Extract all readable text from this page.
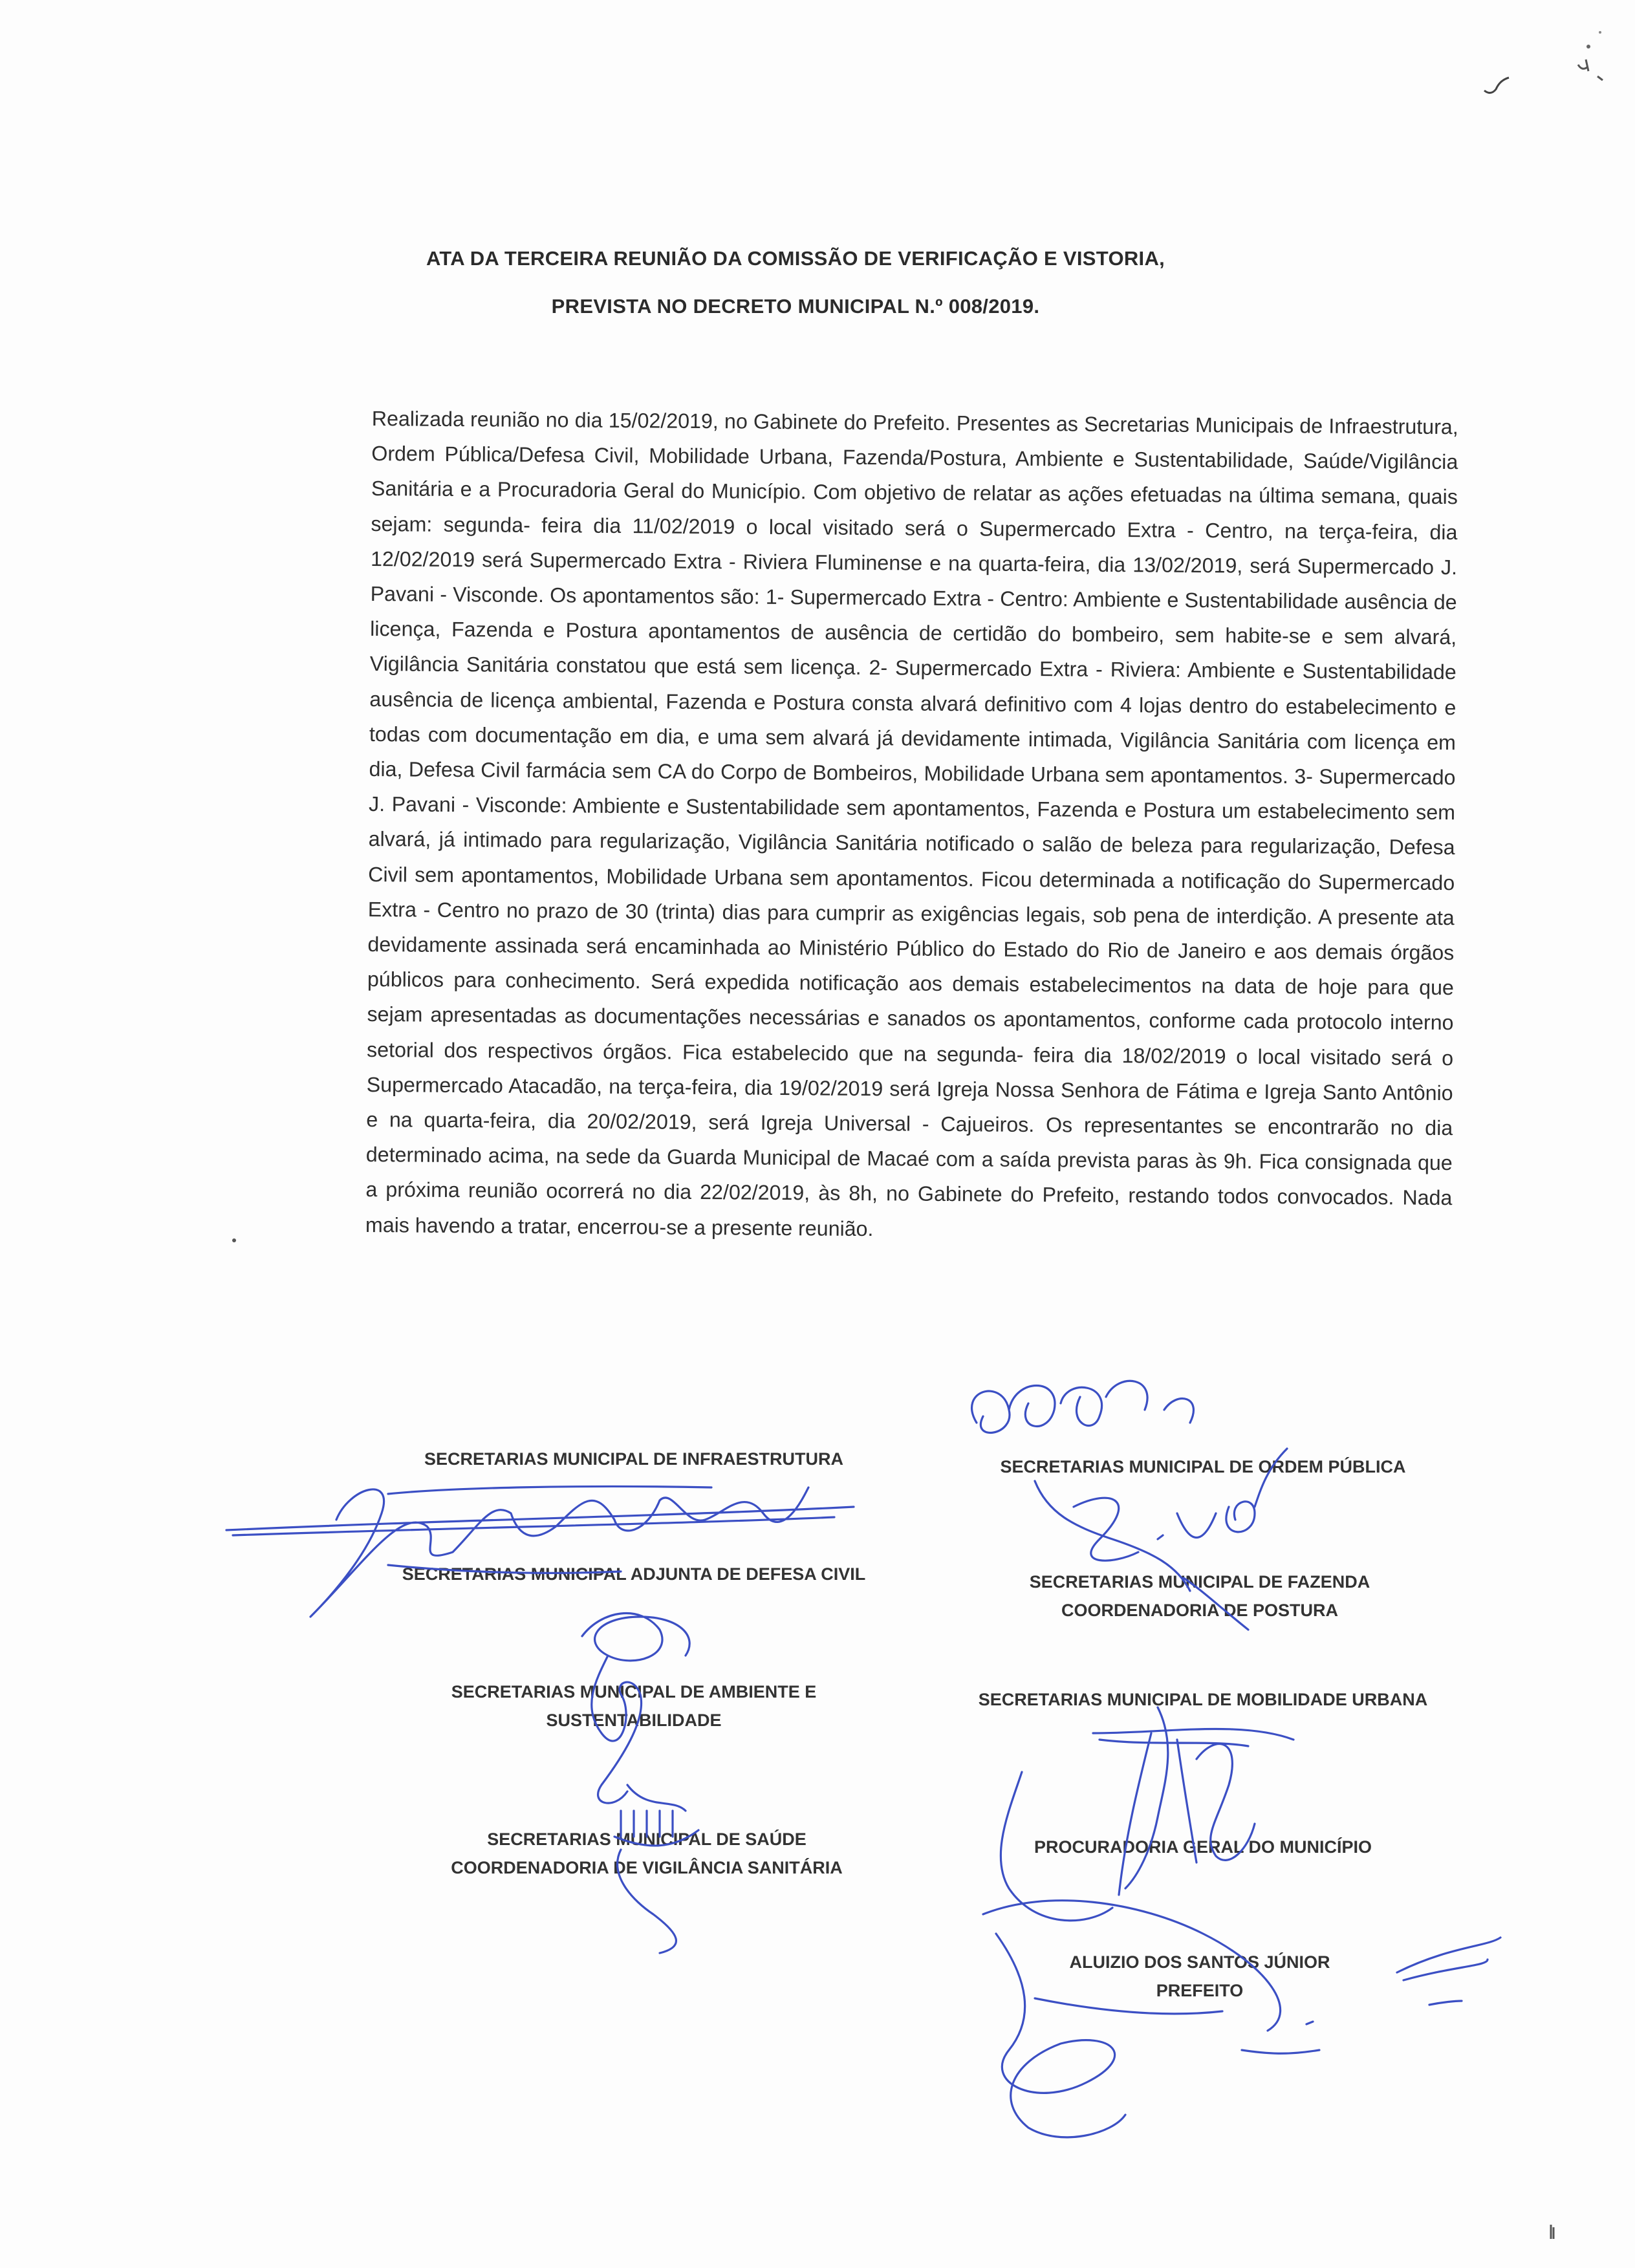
ATA DA TERCEIRA REUNIÃO DA COMISSÃO DE VERIFICAÇÃO E VISTORIA,
PREVISTA NO DECRETO MUNICIPAL N.º 008/2019.
Realizada reunião no dia 15/02/2019, no Gabinete do Prefeito. Presentes as Secretarias Municipais de Infraestrutura, Ordem Pública/Defesa Civil, Mobilidade Urbana, Fazenda/Postura, Ambiente e Sustentabilidade, Saúde/Vigilância Sanitária e a Procuradoria Geral do Município. Com objetivo de relatar as ações efetuadas na última semana, quais sejam: segunda- feira dia 11/02/2019 o local visitado será o Supermercado Extra - Centro, na terça-feira, dia 12/02/2019 será Supermercado Extra - Riviera Fluminense e na quarta-feira, dia 13/02/2019, será Supermercado J. Pavani - Visconde. Os apontamentos são: 1- Supermercado Extra - Centro: Ambiente e Sustentabilidade ausência de licença, Fazenda e Postura apontamentos de ausência de certidão do bombeiro, sem habite-se e sem alvará, Vigilância Sanitária constatou que está sem licença. 2- Supermercado Extra - Riviera: Ambiente e Sustentabilidade ausência de licença ambiental, Fazenda e Postura consta alvará definitivo com 4 lojas dentro do estabelecimento e todas com documentação em dia, e uma sem alvará já devidamente intimada, Vigilância Sanitária com licença em dia, Defesa Civil farmácia sem CA do Corpo de Bombeiros, Mobilidade Urbana sem apontamentos. 3- Supermercado J. Pavani - Visconde: Ambiente e Sustentabilidade sem apontamentos, Fazenda e Postura um estabelecimento sem alvará, já intimado para regularização, Vigilância Sanitária notificado o salão de beleza para regularização, Defesa Civil sem apontamentos, Mobilidade Urbana sem apontamentos. Ficou determinada a notificação do Supermercado Extra - Centro no prazo de 30 (trinta) dias para cumprir as exigências legais, sob pena de interdição. A presente ata devidamente assinada será encaminhada ao Ministério Público do Estado do Rio de Janeiro e aos demais órgãos públicos para conhecimento. Será expedida notificação aos demais estabelecimentos na data de hoje para que sejam apresentadas as documentações necessárias e sanados os apontamentos, conforme cada protocolo interno setorial dos respectivos órgãos. Fica estabelecido que na segunda- feira dia 18/02/2019 o local visitado será o Supermercado Atacadão, na terça-feira, dia 19/02/2019 será Igreja Nossa Senhora de Fátima e Igreja Santo Antônio e na quarta-feira, dia 20/02/2019, será Igreja Universal - Cajueiros. Os representantes se encontrarão no dia determinado acima, na sede da Guarda Municipal de Macaé com a saída prevista paras às 9h. Fica consignada que a próxima reunião ocorrerá no dia 22/02/2019, às 8h, no Gabinete do Prefeito, restando todos convocados. Nada mais havendo a tratar, encerrou-se a presente reunião.
SECRETARIAS MUNICIPAL DE INFRAESTRUTURA	SECRETARIAS MUNICIPAL DE ORDEM PÚBLICA
SECRETARIAS MUNICIPAL ADJUNTA DE DEFESA CIVIL	SECRETARIAS MUNICIPAL DE FAZENDA
COORDENADORIA DE POSTURA
SECRETARIAS MUNICIPAL DE AMBIENTE E
SUSTENTABILIDADE
SECRETARIAS MUNICIPAL DE MOBILIDADE URBANA
SECRETARIAS MUNICIPAL DE SAÚDE
COORDENADORIA DE VIGILÂNCIA SANITÁRIA
PROCURADORIA GERAL DO MUNICÍPIO
ALUIZIO DOS SANTOS JÚNIOR
PREFEITO
